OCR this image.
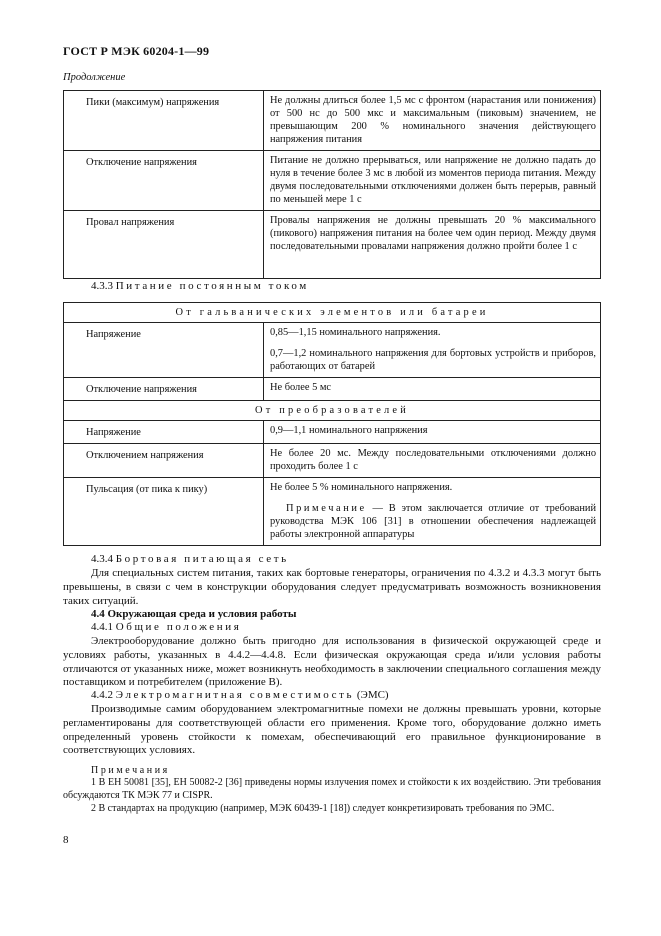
ГОСТ Р МЭК 60204-1—99
Продолжение
Пики (максимум) напряжения	Не должны длиться более 1,5 мс с фронтом (нарастания или понижения) от 500 нс до 500 мкс и максимальным (пиковым) значением, не превышающим 200 % номинального значения действующего напряжения питания
Отключение напряжения	Питание не должно прерываться, или напряжение не должно падать до нуля в течение более 3 мс в любой из моментов периода питания. Между двумя последовательными отключениями должен быть перерыв, равный по меньшей мере 1 с
Провал напряжения	Провалы напряжения не должны превышать 20 % максимального (пикового) напряжения питания на более чем один период. Между двумя последовательными провалами напряжения должно пройти более 1 с
4.3.3 Питание постоянным током
От гальванических элементов или батареи	
Напряжение	0,85—1,15 номинального напряжения.
0,7—1,2 номинального напряжения для бортовых устройств и приборов, работающих от батарей

Отключение напряжения	Не более 5 мс
От преобразователей	
Напряжение	0,9—1,1 номинального напряжения
Отключением напряжения	Не более 20 мс. Между последовательными отключениями должно проходить более 1 с
Пульсация (от пика к пику)	Не более 5 % номинального напряжения.
Примечание — В этом заключается отличие от требований руководства МЭК 106 [31] в отношении обеспечения надлежащей работы электронной аппаратуры
4.3.4 Бортовая питающая сеть
Для специальных систем питания, таких как бортовые генераторы, ограничения по 4.3.2 и 4.3.3 могут быть превышены, в связи с чем в конструкции оборудования следует предусматривать возможность возникновения таких ситуаций.
4.4 Окружающая среда и условия работы
4.4.1 Общие положения
Электрооборудование должно быть пригодно для использования в физической окружающей среде и условиях работы, указанных в 4.4.2—4.4.8. Если физическая окружающая среда и/или условия работы отличаются от указанных ниже, может возникнуть необходимость в заключении специального соглашения между поставщиком и потребителем (приложение В).
4.4.2 Электромагнитная совместимость (ЭМС)
Производимые самим оборудованием электромагнитные помехи не должны превышать уровни, которые регламентированы для соответствующей области его применения. Кроме того, оборудование должно иметь определенный уровень стойкости к помехам, обеспечивающий его правильное функционирование в соответствующих условиях.
Примечания
1 В ЕН 50081 [35], ЕН 50082-2 [36] приведены нормы излучения помех и стойкости к их воздействию. Эти требования обсуждаются ТК МЭК 77 и CISPR.
2 В стандартах на продукцию (например, МЭК 60439-1 [18]) следует конкретизировать требования по ЭМС.
8
